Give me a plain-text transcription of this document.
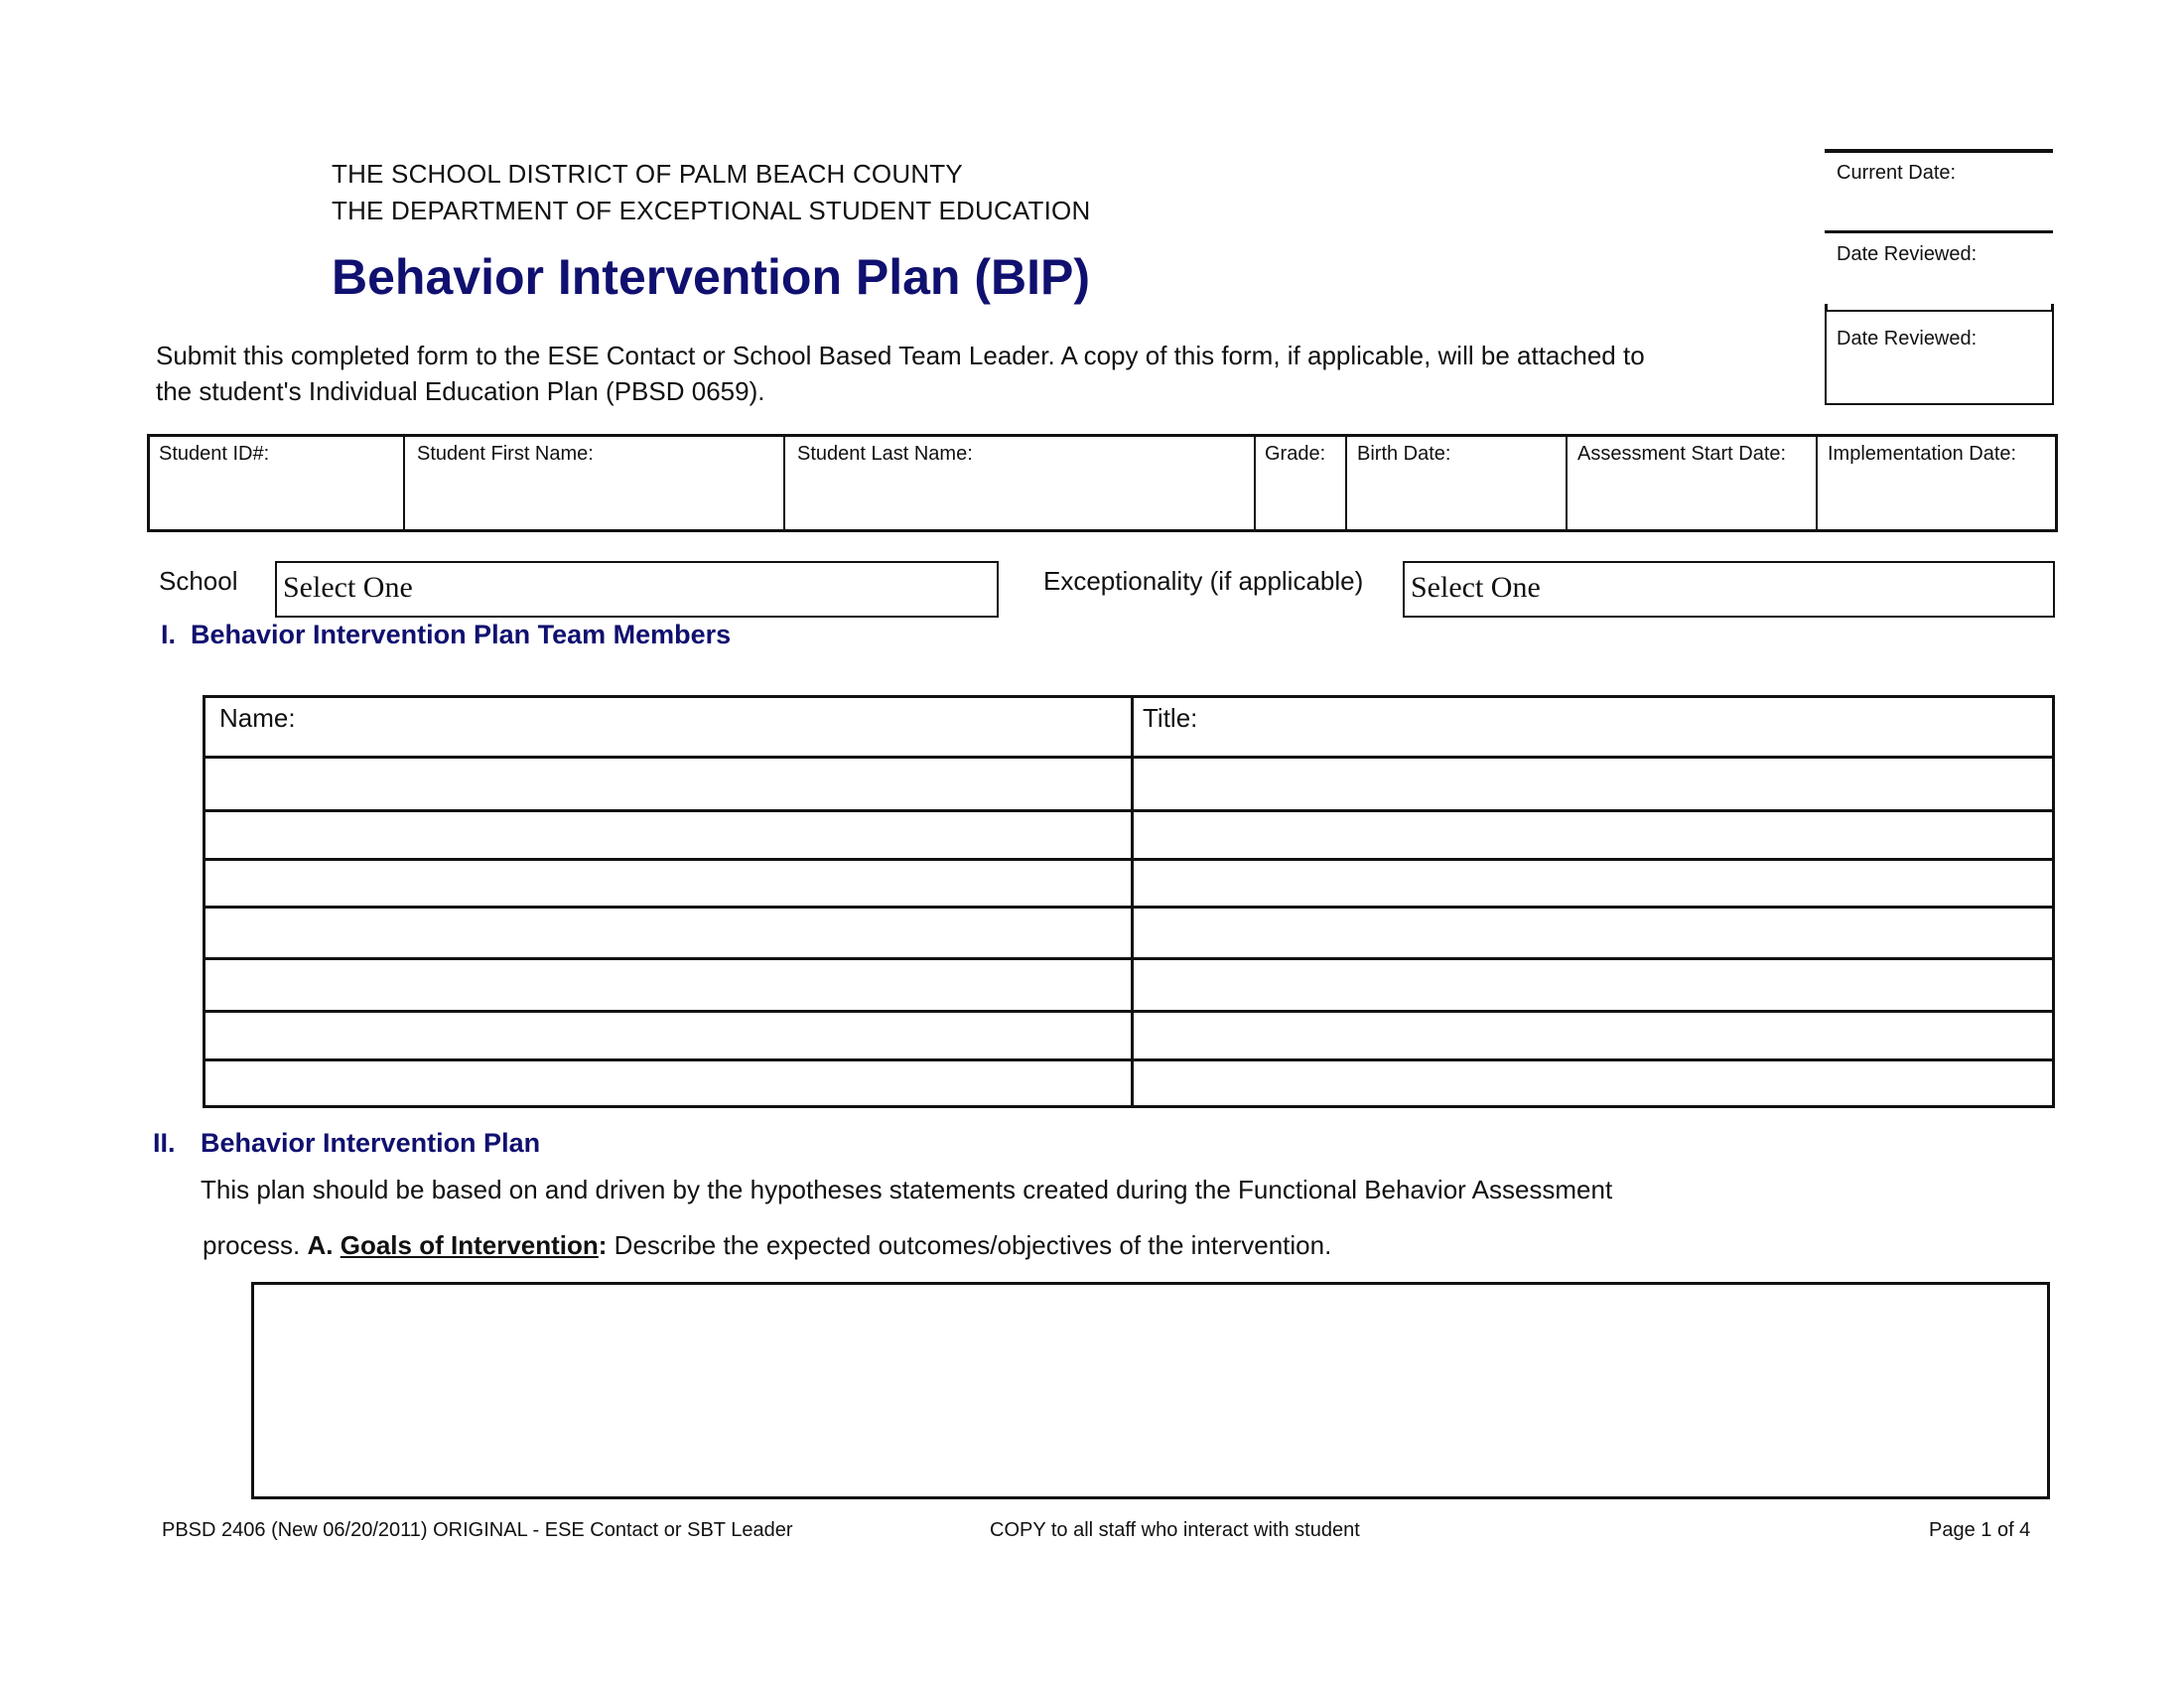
THE SCHOOL DISTRICT OF PALM BEACH COUNTY
THE DEPARTMENT OF EXCEPTIONAL STUDENT EDUCATION
Behavior Intervention Plan (BIP)
Current Date:
Date Reviewed:
Date Reviewed:
Submit this completed form to the ESE Contact or School Based Team Leader. A copy of this form, if applicable, will be attached to
the student's Individual Education Plan (PBSD 0659).
Student ID#:	Student First Name:	Student Last Name:	Grade: Birth Date:	Assessment Start Date: Implementation Date:
School Select One	Exceptionality (if applicable) Select One
I.  Behavior Intervention Plan Team Members
Name:	Title:
II. Behavior Intervention Plan
This plan should be based on and driven by the hypotheses statements created during the Functional Behavior Assessment
process. A. Goals of Intervention: Describe the expected outcomes/objectives of the intervention.
PBSD 2406 (New 06/20/2011) ORIGINAL - ESE Contact or SBT Leader	COPY to all staff who interact with student	Page 1 of 4
